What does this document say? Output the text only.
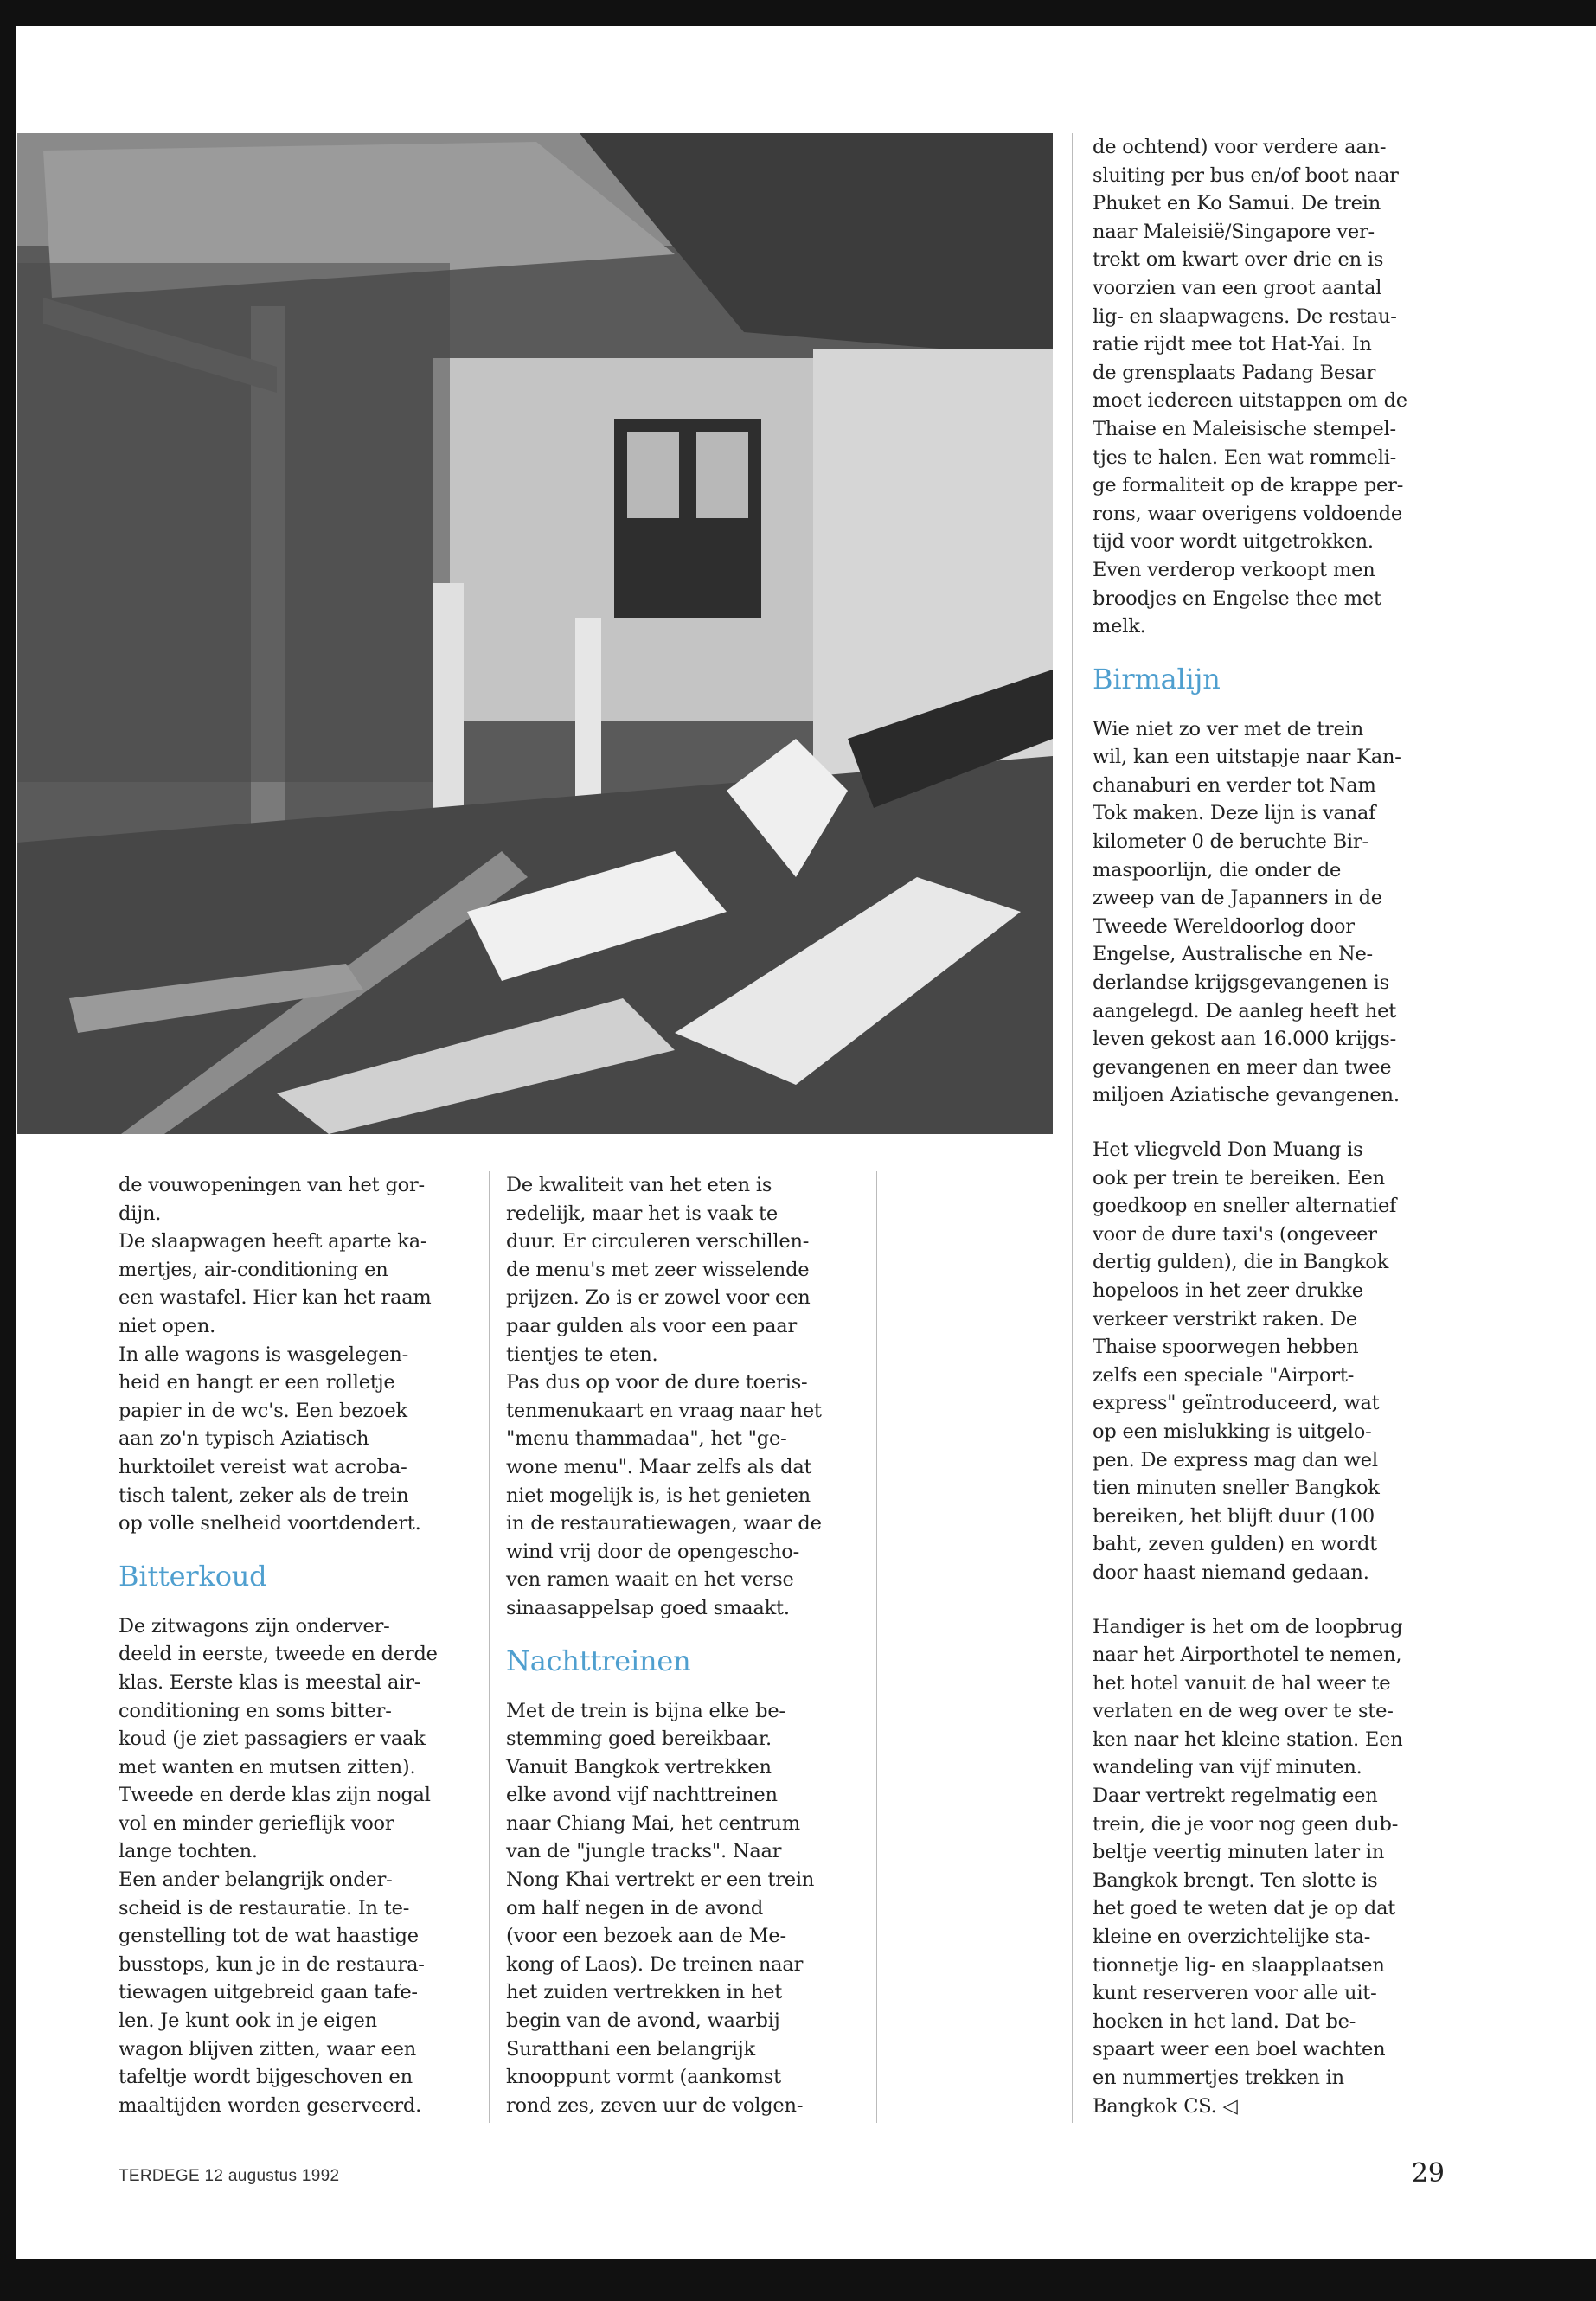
de vouwopeningen van het gor-
dijn.
De slaapwagen heeft aparte ka-
mertjes, air-conditioning en
een wastafel. Hier kan het raam
niet open.
In alle wagons is wasgelegen-
heid en hangt er een rolletje
papier in de wc's. Een bezoek
aan zo'n typisch Aziatisch
hurktoilet vereist wat acroba-
tisch talent, zeker als de trein
op volle snelheid voortdendert.

Bitterkoud

De zitwagons zijn onderver-
deeld in eerste, tweede en derde
klas. Eerste klas is meestal air-
conditioning en soms bitter-
koud (je ziet passagiers er vaak
met wanten en mutsen zitten).
Tweede en derde klas zijn nogal
vol en minder gerieflijk voor
lange tochten.
Een ander belangrijk onder-
scheid is de restauratie. In te-
genstelling tot de wat haastige
busstops, kun je in de restaura-
tiewagen uitgebreid gaan tafe-
len. Je kunt ook in je eigen
wagon blijven zitten, waar een
tafeltje wordt bijgeschoven en
maaltijden worden geserveerd.

De kwaliteit van het eten is
redelijk, maar het is vaak te
duur. Er circuleren verschillen-
de menu's met zeer wisselende
prijzen. Zo is er zowel voor een
paar gulden als voor een paar
tientjes te eten.
Pas dus op voor de dure toeris-
tenmenukaart en vraag naar het
"menu thammadaa", het "ge-
wone menu". Maar zelfs als dat
niet mogelijk is, is het genieten
in de restauratiewagen, waar de
wind vrij door de opengescho-
ven ramen waait en het verse
sinaasappelsap goed smaakt.

Nachttreinen

Met de trein is bijna elke be-
stemming goed bereikbaar.
Vanuit Bangkok vertrekken
elke avond vijf nachttreinen
naar Chiang Mai, het centrum
van de "jungle tracks". Naar
Nong Khai vertrekt er een trein
om half negen in de avond
(voor een bezoek aan de Me-
kong of Laos). De treinen naar
het zuiden vertrekken in het
begin van de avond, waarbij
Suratthani een belangrijk
knooppunt vormt (aankomst
rond zes, zeven uur de volgen-

de ochtend) voor verdere aan-
sluiting per bus en/of boot naar
Phuket en Ko Samui. De trein
naar Maleisië/Singapore ver-
trekt om kwart over drie en is
voorzien van een groot aantal
lig- en slaapwagens. De restau-
ratie rijdt mee tot Hat-Yai. In
de grensplaats Padang Besar
moet iedereen uitstappen om de
Thaise en Maleisische stempel-
tjes te halen. Een wat rommeli-
ge formaliteit op de krappe per-
rons, waar overigens voldoende
tijd voor wordt uitgetrokken.
Even verderop verkoopt men
broodjes en Engelse thee met
melk.

Birmalijn

Wie niet zo ver met de trein
wil, kan een uitstapje naar Kan-
chanaburi en verder tot Nam
Tok maken. Deze lijn is vanaf
kilometer 0 de beruchte Bir-
maspoorlijn, die onder de
zweep van de Japanners in de
Tweede Wereldoorlog door
Engelse, Australische en Ne-
derlandse krijgsgevangenen is
aangelegd. De aanleg heeft het
leven gekost aan 16.000 krijgs-
gevangenen en meer dan twee
miljoen Aziatische gevangenen.

Het vliegveld Don Muang is
ook per trein te bereiken. Een
goedkoop en sneller alternatief
voor de dure taxi's (ongeveer
dertig gulden), die in Bangkok
hopeloos in het zeer drukke
verkeer verstrikt raken. De
Thaise spoorwegen hebben
zelfs een speciale "Airport-
express" geïntroduceerd, wat
op een mislukking is uitgelo-
pen. De express mag dan wel
tien minuten sneller Bangkok
bereiken, het blijft duur (100
baht, zeven gulden) en wordt
door haast niemand gedaan.

Handiger is het om de loopbrug
naar het Airporthotel te nemen,
het hotel vanuit de hal weer te
verlaten en de weg over te ste-
ken naar het kleine station. Een
wandeling van vijf minuten.
Daar vertrekt regelmatig een
trein, die je voor nog geen dub-
beltje veertig minuten later in
Bangkok brengt. Ten slotte is
het goed te weten dat je op dat
kleine en overzichtelijke sta-
tionnetje lig- en slaapplaatsen
kunt reserveren voor alle uit-
hoeken in het land. Dat be-
spaart weer een boel wachten
en nummertjes trekken in
Bangkok CS. ◁

TERDEGE 12 augustus 1992	29
